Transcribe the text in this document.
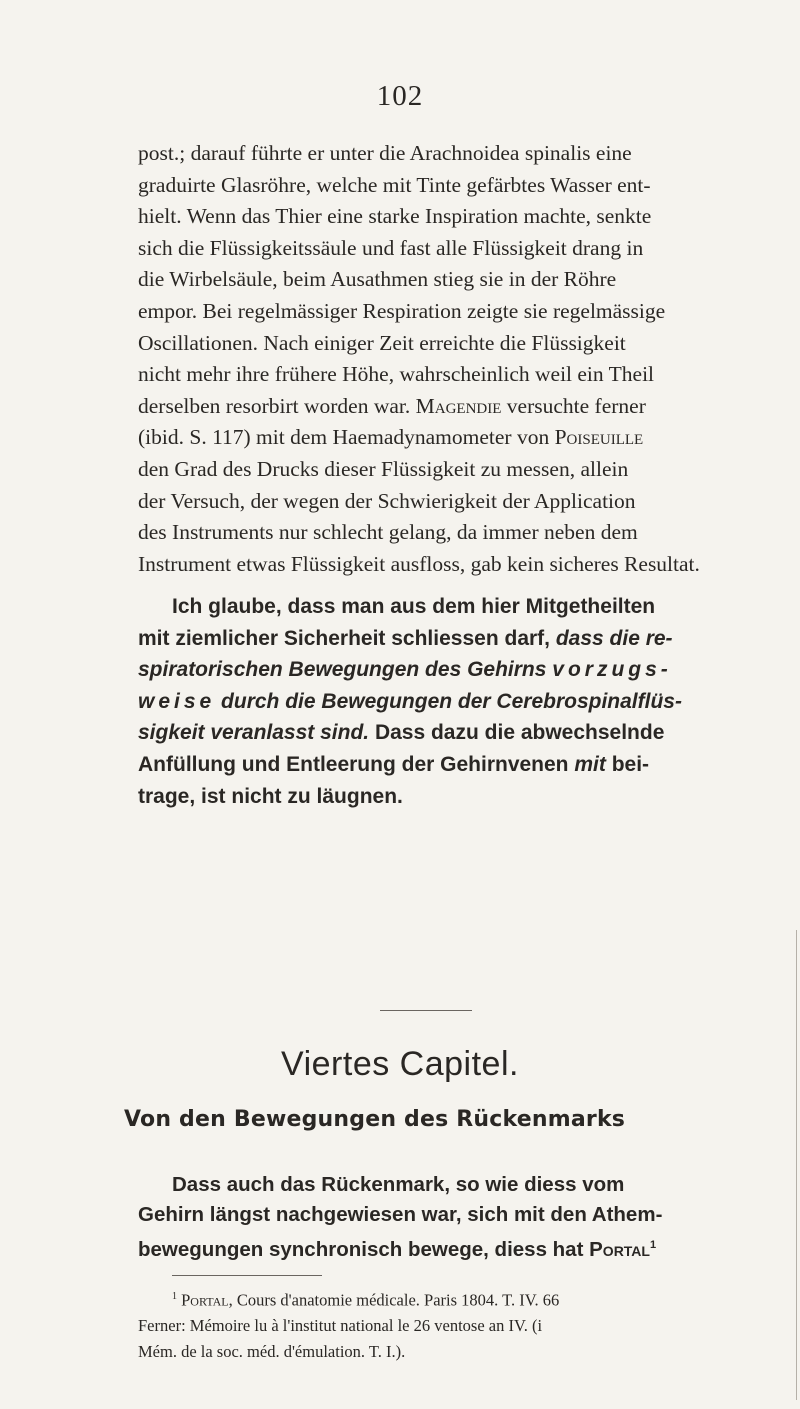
102
post.; darauf führte er unter die Arachnoidea spinalis eine
graduirte Glasröhre, welche mit Tinte gefärbtes Wasser ent-
hielt. Wenn das Thier eine starke Inspiration machte, senkte
sich die Flüssigkeitssäule und fast alle Flüssigkeit drang in
die Wirbelsäule, beim Ausathmen stieg sie in der Röhre
empor. Bei regelmässiger Respiration zeigte sie regelmässige
Oscillationen. Nach einiger Zeit erreichte die Flüssigkeit
nicht mehr ihre frühere Höhe, wahrscheinlich weil ein Theil
derselben resorbirt worden war. Magendie versuchte ferner
(ibid. S. 117) mit dem Haemadynamometer von Poiseuille
den Grad des Drucks dieser Flüssigkeit zu messen, allein
der Versuch, der wegen der Schwierigkeit der Application
des Instruments nur schlecht gelang, da immer neben dem
Instrument etwas Flüssigkeit ausfloss, gab kein sicheres Resultat.
Ich glaube, dass man aus dem hier Mitgetheilten
mit ziemlicher Sicherheit schliessen darf, dass die re-
spiratorischen Bewegungen des Gehirns vorzugs-
weise durch die Bewegungen der Cerebrospinalflüs-
sigkeit veranlasst sind. Dass dazu die abwechselnde
Anfüllung und Entleerung der Gehirnvenen mit bei-
trage, ist nicht zu läugnen.
Viertes Capitel.
Von den Bewegungen des Rückenmarks
Dass auch das Rückenmark, so wie diess vom
Gehirn längst nachgewiesen war, sich mit den Athem-
bewegungen synchronisch bewege, diess hat Portal$^1$
$^1$ Portal, Cours d'anatomie médicale. Paris 1804. T. IV. 66
Ferner: Mémoire lu à l'institut national le 26 ventose an IV. (i
Mém. de la soc. méd. d'émulation. T. I.).
